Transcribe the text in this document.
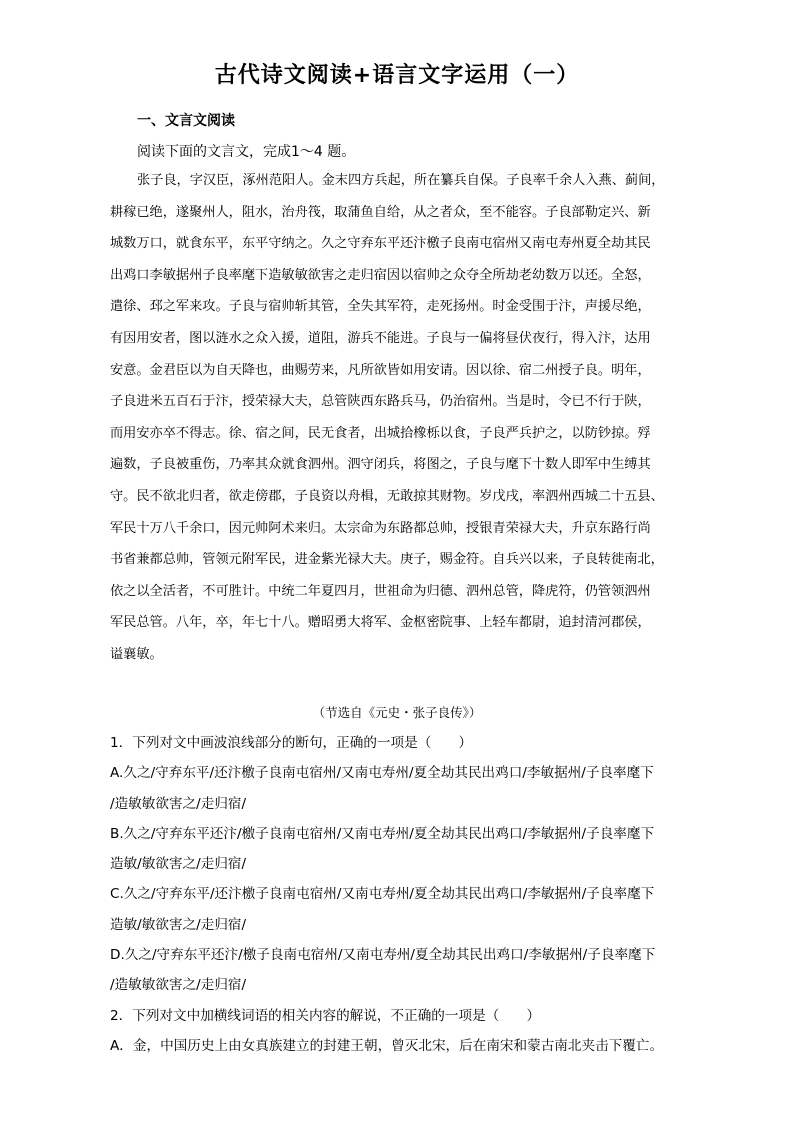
古代诗文阅读+语言文字运用（一）
一、文言文阅读
阅读下面的文言文，完成1～4 题。
张子良，字汉臣，涿州范阳人。金末四方兵起，所在纂兵自保。子良率千余人入燕、蓟间，
耕稼已绝，遂聚州人，阻水，治舟筏，取蒲鱼自给，从之者众，至不能容。子良部勒定兴、新
城数万口，就食东平，东平守纳之。久之守弃东平还汴檄子良南屯宿州又南屯寿州夏全劫其民
出鸡口李敏据州子良率麾下造敏敏欲害之走归宿因以宿帅之众夺全所劫老幼数万以还。全怒，
遣徐、邳之军来攻。子良与宿帅斩其管，全失其军符，走死扬州。时金受围于汴，声援尽绝，
有因用安者，图以涟水之众入援，道阻，游兵不能进。子良与一偏将昼伏夜行，得入汴，达用
安意。金君臣以为自天降也，曲赐劳来，凡所欲皆如用安请。因以徐、宿二州授子良。明年，
子良进米五百石于汴，授荣禄大夫，总管陕西东路兵马，仍治宿州。当是时，令已不行于陕，
而用安亦卒不得志。徐、宿之间，民无食者，出城拾橡栎以食，子良严兵护之，以防钞掠。殍
遍数，子良被重伤，乃率其众就食泗州。泗守闭兵，将图之，子良与麾下十数人即军中生缚其
守。民不欲北归者，欲走傍郡，子良资以舟楫，无敢掠其财物。岁戊戌，率泗州西城二十五县、
军民十万八千余口，因元帅阿术来归。太宗命为东路都总帅，授银青荣禄大夫，升京东路行尚
书省兼都总帅，管领元附军民，进金紫光禄大夫。庚子，赐金符。自兵兴以来，子良转徙南北，
依之以全活者，不可胜计。中统二年夏四月，世祖命为归德、泗州总管，降虎符，仍管领泗州
军民总管。八年，卒，年七十八。赠昭勇大将军、金枢密院事、上轻车都尉，追封清河郡侯，
谥襄敏。
（节选自《元史・张子良传》）
1．下列对文中画波浪线部分的断句，正确的一项是（　　）
A.久之/守弃东平/还汴檄子良南屯宿州/又南屯寿州/夏全劫其民出鸡口/李敏据州/子良率麾下
/造敏敏欲害之/走归宿/
B.久之/守弃东平还汴/檄子良南屯宿州/又南屯寿州/夏全劫其民出鸡口/李敏据州/子良率麾下
造敏/敏欲害之/走归宿/
C.久之/守弃东平/还汴檄子良南屯宿州/又南屯寿州/夏全劫其民出鸡口/李敏据州/子良率麾下
造敏/敏欲害之/走归宿/
D.久之/守弃东平还汴/檄子良南屯宿州/又南屯寿州/夏全劫其民出鸡口/李敏据州/子良率麾下
/造敏敏欲害之/走归宿/
2．下列对文中加横线词语的相关内容的解说，不正确的一项是（　　）
A．金，中国历史上由女真族建立的封建王朝，曾灭北宋，后在南宋和蒙古南北夹击下覆亡。
